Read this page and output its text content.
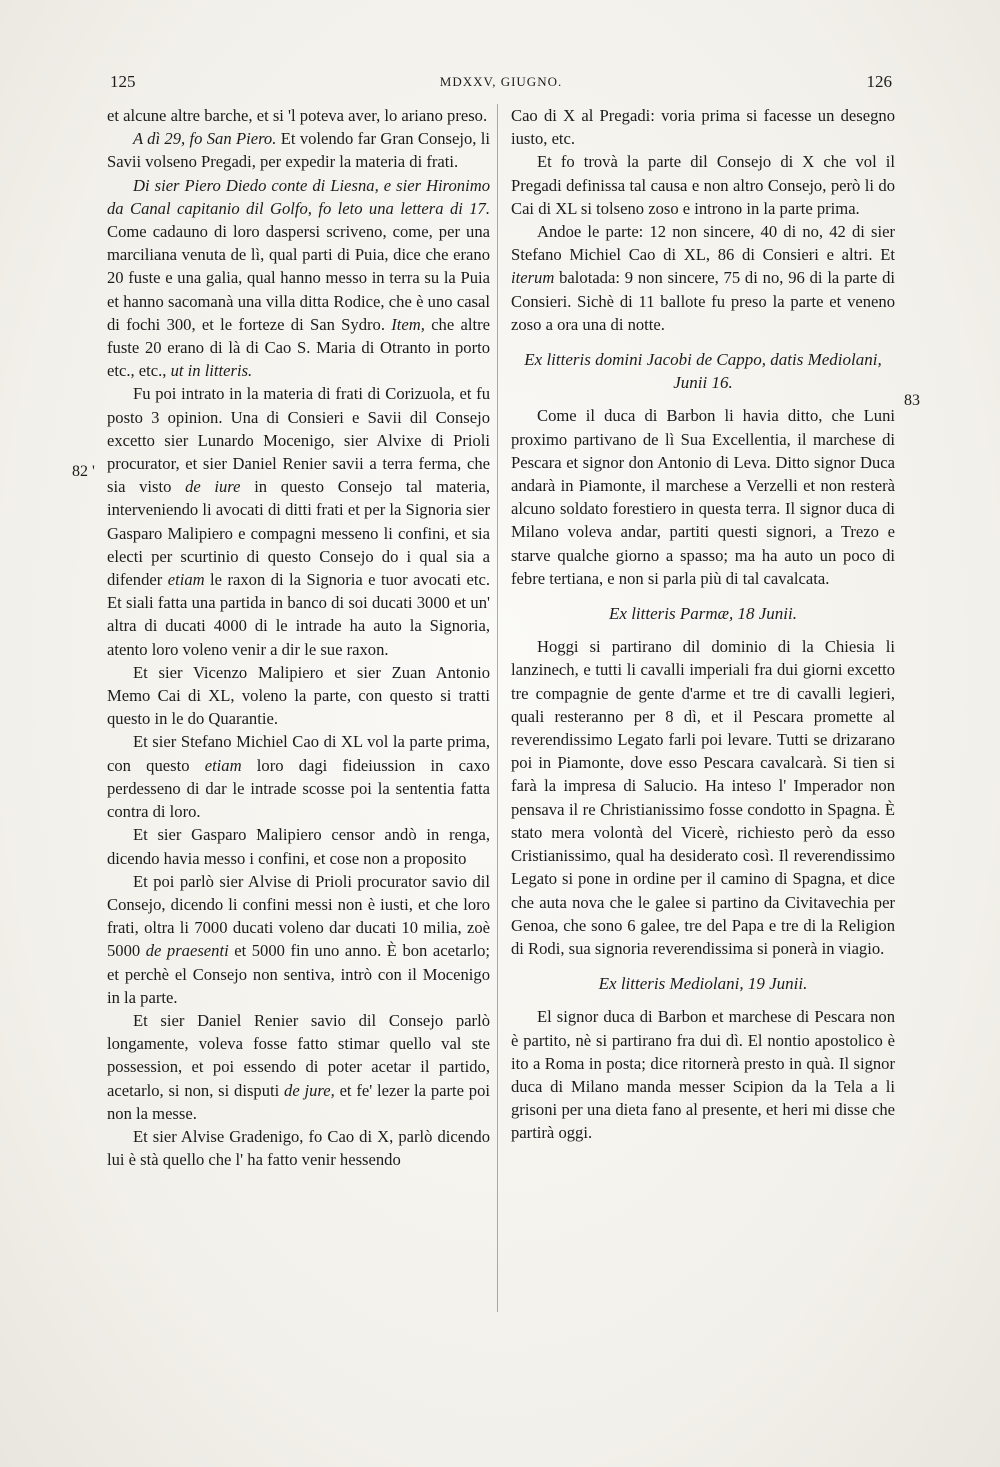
125	MDXXV, GIUGNO.	126
82 '
83

et alcune altre barche, et si 'l poteva aver, lo ariano preso.

A dì 29, fo San Piero. Et volendo far Gran Consejo, li Savii volseno Pregadi, per expedir la materia di frati.

Di sier Piero Diedo conte di Liesna, e sier Hironimo da Canal capitanio dil Golfo, fo leto una lettera di 17. Come cadauno di loro daspersi scriveno, come, per una marciliana venuta de lì, qual parti di Puia, dice che erano 20 fuste e una galia, qual hanno messo in terra su la Puia et hanno sacomanà una villa ditta Rodice, che è uno casal di fochi 300, et le forteze di San Sydro. Item, che altre fuste 20 erano di là di Cao S. Maria di Otranto in porto etc., etc., ut in litteris.

Fu poi intrato in la materia di frati di Corizuola, et fu posto 3 opinion. Una di Consieri e Savii dil Consejo excetto sier Lunardo Mocenigo, sier Alvixe di Prioli procurator, et sier Daniel Renier savii a terra ferma, che sia visto de iure in questo Consejo tal materia, interveniendo li avocati di ditti frati et per la Signoria sier Gasparo Malipiero e compagni messeno li confini, et sia electi per scurtinio di questo Consejo do i qual sia a difender etiam le raxon di la Signoria e tuor avocati etc. Et siali fatta una partida in banco di soi ducati 3000 et un' altra di ducati 4000 di le intrade ha auto la Signoria, atento loro voleno venir a dir le sue raxon.

Et sier Vicenzo Malipiero et sier Zuan Antonio Memo Cai di XL, voleno la parte, con questo si tratti questo in le do Quarantie.

Et sier Stefano Michiel Cao di XL vol la parte prima, con questo etiam loro dagi fideiussion in caxo perdesseno di dar le intrade scosse poi la sententia fatta contra di loro.

Et sier Gasparo Malipiero censor andò in renga, dicendo havia messo i confini, et cose non a proposito

Et poi parlò sier Alvise di Prioli procurator savio dil Consejo, dicendo li confini messi non è iusti, et che loro frati, oltra li 7000 ducati voleno dar ducati 10 milia, zoè 5000 de praesenti et 5000 fin uno anno. È bon acetarlo; et perchè el Consejo non sentiva, intrò con il Mocenigo in la parte.

Et sier Daniel Renier savio dil Consejo parlò longamente, voleva fosse fatto stimar quello val ste possession, et poi essendo di poter acetar il partido, acetarlo, si non, si disputi de jure, et fe' lezer la parte poi non la messe.

Et sier Alvise Gradenigo, fo Cao di X, parlò dicendo lui è stà quello che l' ha fatto venir hessendo

Cao di X al Pregadi: voria prima si facesse un desegno iusto, etc.

Et fo trovà la parte dil Consejo di X che vol il Pregadi definissa tal causa e non altro Consejo, però li do Cai di XL si tolseno zoso e introno in la parte prima.

Andoe le parte: 12 non sincere, 40 di no, 42 di sier Stefano Michiel Cao di XL, 86 di Consieri e altri. Et iterum balotada: 9 non sincere, 75 di no, 96 di la parte di Consieri. Sichè di 11 ballote fu preso la parte et veneno zoso a ora una di notte.

Ex litteris domini Jacobi de Cappo, datis Mediolani, Junii 16.

Come il duca di Barbon li havia ditto, che Luni proximo partivano de lì Sua Excellentia, il marchese di Pescara et signor don Antonio di Leva. Ditto signor Duca andarà in Piamonte, il marchese a Verzelli et non resterà alcuno soldato forestiero in questa terra. Il signor duca di Milano voleva andar, partiti questi signori, a Trezo e starve qualche giorno a spasso; ma ha auto un poco di febre tertiana, e non si parla più di tal cavalcata.

Ex litteris Parmæ, 18 Junii.

Hoggi si partirano dil dominio di la Chiesia li lanzinech, e tutti li cavalli imperiali fra dui giorni excetto tre compagnie de gente d'arme et tre di cavalli legieri, quali resteranno per 8 dì, et il Pescara promette al reverendissimo Legato farli poi levare. Tutti se drizarano poi in Piamonte, dove esso Pescara cavalcarà. Si tien si farà la impresa di Salucio. Ha inteso l' Imperador non pensava il re Christianissimo fosse condotto in Spagna. È stato mera volontà del Vicerè, richiesto però da esso Cristianissimo, qual ha desiderato così. Il reverendissimo Legato si pone in ordine per il camino di Spagna, et dice che auta nova che le galee si partino da Civitavechia per Genoa, che sono 6 galee, tre del Papa e tre di la Religion di Rodi, sua signoria reverendissima si ponerà in viagio.

Ex litteris Mediolani, 19 Junii.

El signor duca di Barbon et marchese di Pescara non è partito, nè si partirano fra dui dì. El nontio apostolico è ito a Roma in posta; dice ritornerà presto in quà. Il signor duca di Milano manda messer Scipion da la Tela a li grisoni per una dieta fano al presente, et heri mi disse che partirà oggi.
